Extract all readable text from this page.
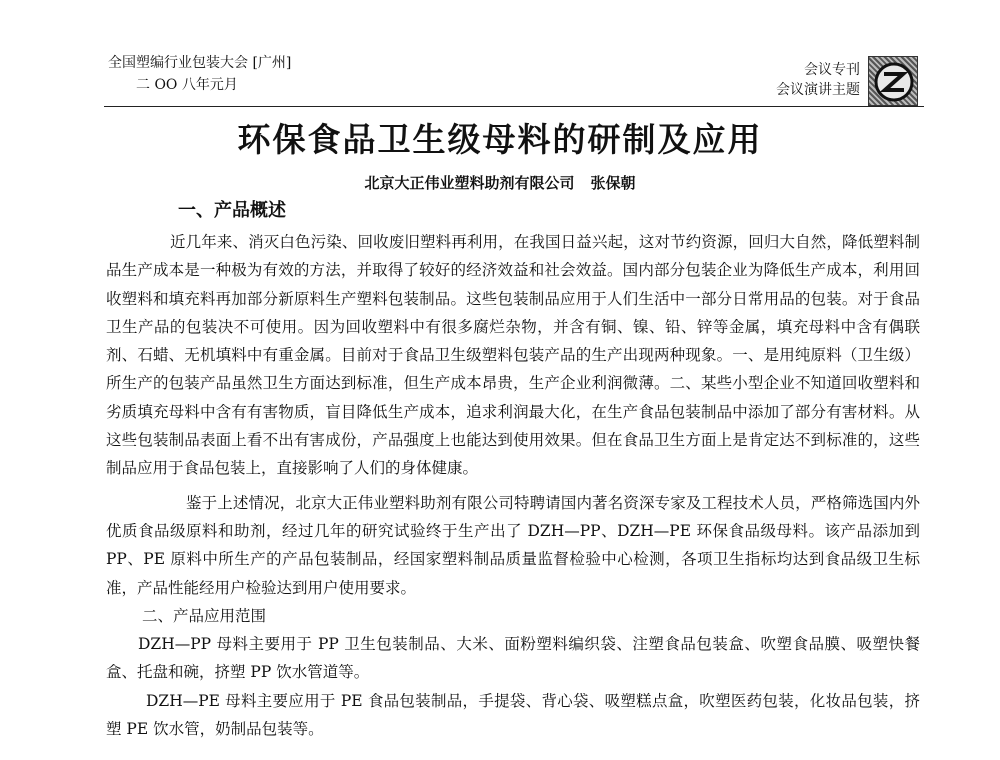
全国塑编行业包装大会 [广州]
二 OO 八年元月
会议专刊
会议演讲主题
环保食品卫生级母料的研制及应用
北京大正伟业塑料助剂有限公司 张保朝
一、产品概述

近几年来、消灭白色污染、回收废旧塑料再利用，在我国日益兴起，这对节约资源，回归大自然，降低塑料制品生产成本是一种极为有效的方法，并取得了较好的经济效益和社会效益。国内部分包装企业为降低生产成本，利用回收塑料和填充料再加部分新原料生产塑料包装制品。这些包装制品应用于人们生活中一部分日常用品的包装。对于食品卫生产品的包装决不可使用。因为回收塑料中有很多腐烂杂物，并含有铜、镍、铅、锌等金属，填充母料中含有偶联剂、石蜡、无机填料中有重金属。目前对于食品卫生级塑料包装产品的生产出现两种现象。一、是用纯原料（卫生级）所生产的包装产品虽然卫生方面达到标准，但生产成本昂贵，生产企业利润微薄。二、某些小型企业不知道回收塑料和劣质填充母料中含有有害物质，盲目降低生产成本，追求利润最大化，在生产食品包装制品中添加了部分有害材料。从这些包装制品表面上看不出有害成份，产品强度上也能达到使用效果。但在食品卫生方面上是肯定达不到标准的，这些制品应用于食品包装上，直接影响了人们的身体健康。

鉴于上述情况，北京大正伟业塑料助剂有限公司特聘请国内著名资深专家及工程技术人员，严格筛选国内外优质食品级原料和助剂，经过几年的研究试验终于生产出了 DZH—PP、DZH—PE 环保食品级母料。该产品添加到 PP、PE 原料中所生产的产品包装制品，经国家塑料制品质量监督检验中心检测，各项卫生指标均达到食品级卫生标准，产品性能经用户检验达到用户使用要求。

二、产品应用范围

DZH—PP 母料主要用于 PP 卫生包装制品、大米、面粉塑料编织袋、注塑食品包装盒、吹塑食品膜、吸塑快餐盒、托盘和碗，挤塑 PP 饮水管道等。

DZH—PE 母料主要应用于 PE 食品包装制品，手提袋、背心袋、吸塑糕点盒，吹塑医药包装，化妆品包装，挤塑 PE 饮水管，奶制品包装等。
